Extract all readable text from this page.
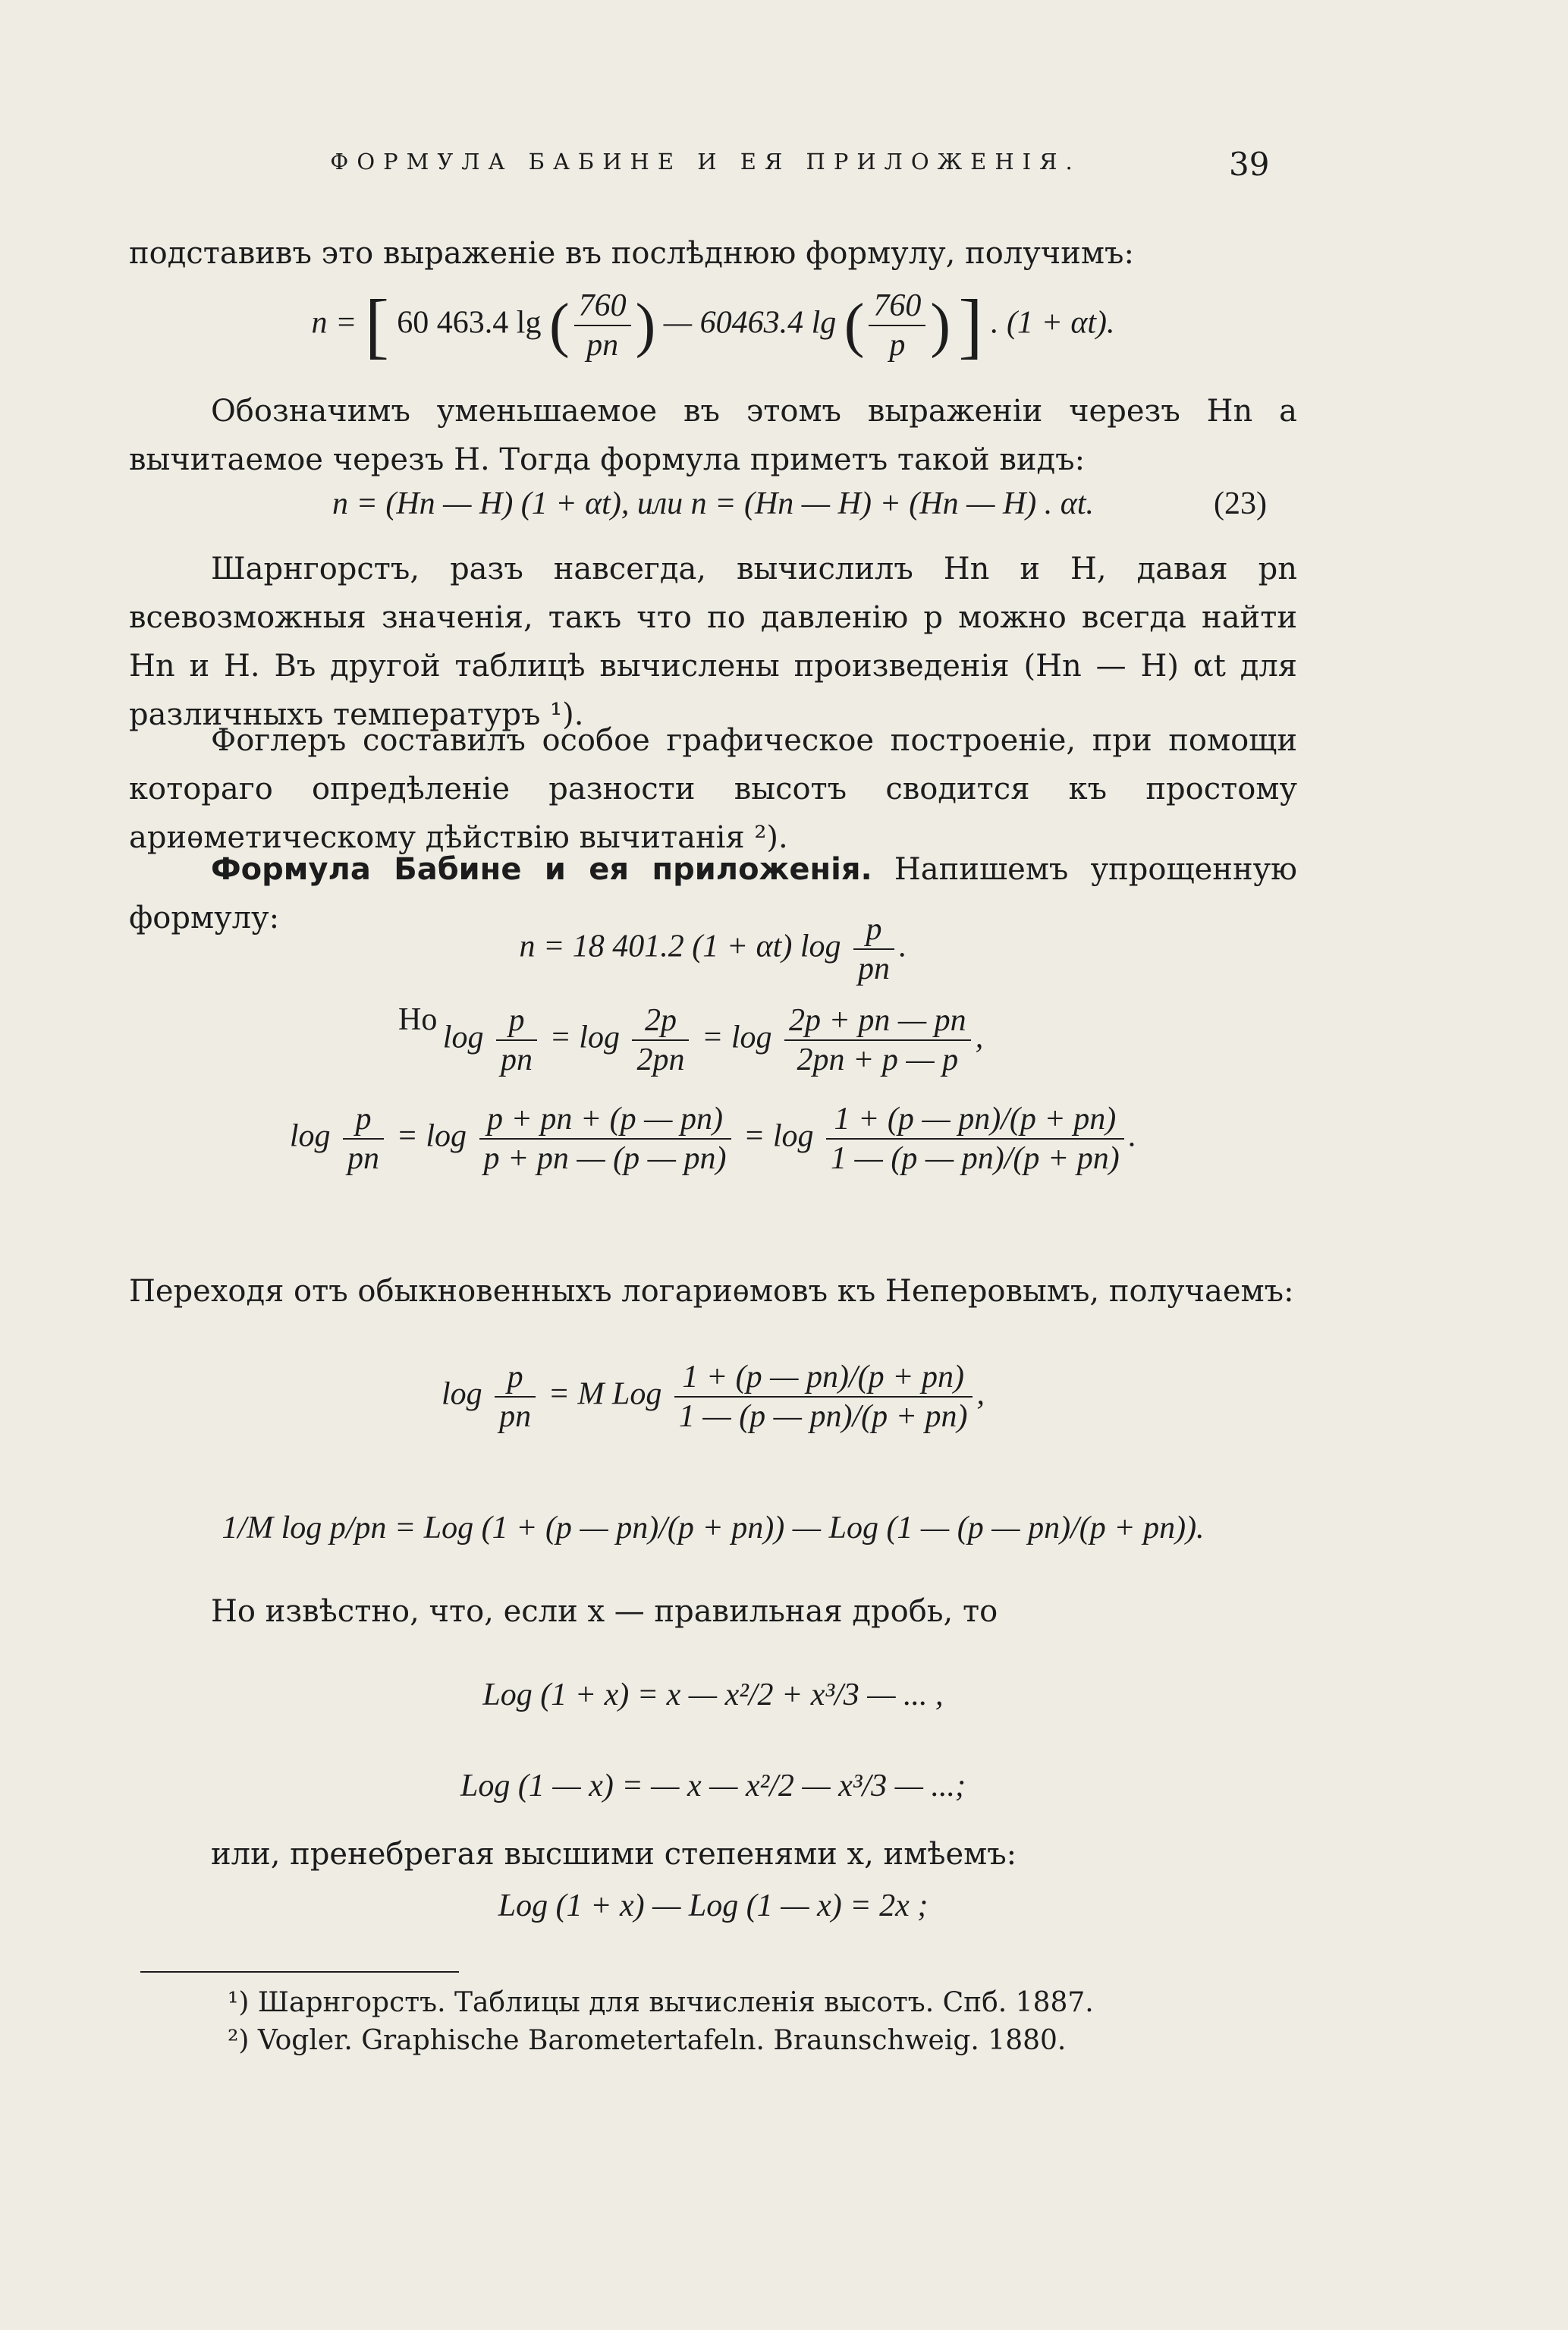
ФОРМУЛА БАБИНЕ И ЕЯ ПРИЛОЖЕНІЯ.	39
подставивъ это выраженіе въ послѣднюю формулу, получимъ:
n = [ 60 463.4 lg ( $\frac{760}{pn}$ ) — 60463.4 lg ( $\frac{760}{p}$ ) ] . (1 + αt).
Обозначимъ уменьшаемое въ этомъ выраженіи черезъ Hn а вычитаемое черезъ H. Тогда формула приметъ такой видъ:
n = (Hn — H) (1 + αt), или n = (Hn — H) + (Hn — H) . αt.	(23)
Шарнгорстъ, разъ навсегда, вычислилъ Hn и H, давая pn всевозможныя значенія, такъ что по давленію p можно всегда найти Hn и H. Въ другой таблицѣ вычислены произведенія (Hn — H) αt для различныхъ температуръ ¹).
Фоглеръ составилъ особое графическое построеніе, при помощи котораго опредѣленіе разности высотъ сводится къ простому ариѳметическому дѣйствію вычитанія ²).
Формула Бабине и ея приложенія. Напишемъ упрощенную формулу:
n = 18 401.2 (1 + αt) $\log \frac{p}{pn}$ .
Но
$\log \frac{p}{pn} = \log \frac{2p}{2pn} = \log \frac{2p + pn — pn}{2pn + p — p}$ ,
$\log \frac{p}{pn} = \log \frac{p + pn + (p — pn)}{p + pn — (p — pn)} = \log \frac{1 + (p — pn)/(p + pn)}{1 — (p — pn)/(p + pn)}$ .
Переходя отъ обыкновенныхъ логариѳмовъ къ Неперовымъ, получаемъ:
$\log \frac{p}{pn} = M$ Log $\frac{1 + (p — pn)/(p + pn)}{1 — (p — pn)/(p + pn)}$ ,
1/M log p/pn = Log (1 + (p — pn)/(p + pn)) — Log (1 — (p — pn)/(p + pn)).
Но извѣстно, что, если x — правильная дробь, то
Log (1 + x) = x — x²/2 + x³/3 — ... ,
Log (1 — x) = — x — x²/2 — x³/3 — ...;
или, пренебрегая высшими степенями x, имѣемъ:
Log (1 + x) — Log (1 — x) = 2x ;
¹) Шарнгорстъ. Таблицы для вычисленія высотъ. Спб. 1887.
²) Vogler. Graphische Barometertafeln. Braunschweig. 1880.
